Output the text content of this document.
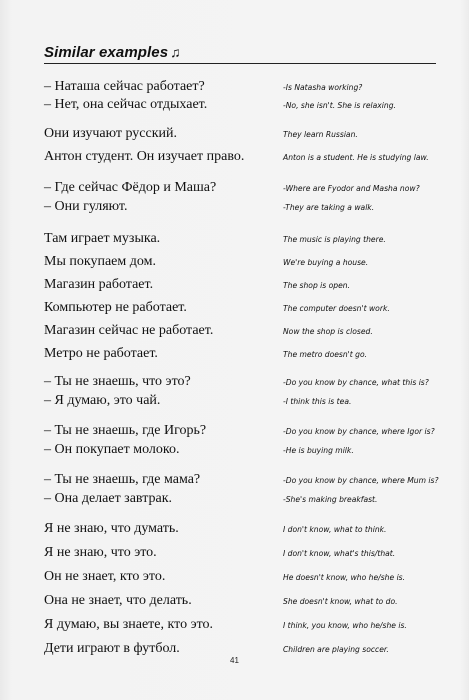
Similar examples ♫
– Наташа сейчас работает?	-Is Natasha working?
– Нет, она сейчас отдыхает.	-No, she isn't. She is relaxing.
Они изучают русский.	They learn Russian.
Антон студент. Он изучает право.	Anton is a student. He is studying law.
– Где сейчас Фёдор и Маша?	-Where are Fyodor and Masha now?
– Они гуляют.	-They are taking a walk.
Там играет музыка.	The music is playing there.
Мы покупаем дом.	We're buying a house.
Магазин работает.	The shop is open.
Компьютер не работает.	The computer doesn't work.
Магазин сейчас не работает.	Now the shop is closed.
Метро не работает.	The metro doesn't go.
– Ты не знаешь, что это?	-Do you know by chance, what this is?
– Я думаю, это чай.	-I think this is tea.
– Ты не знаешь, где Игорь?	-Do you know by chance, where Igor is?
– Он покупает молоко.	-He is buying milk.
– Ты не знаешь, где мама?	-Do you know by chance, where Mum is?
– Она делает завтрак.	-She's making breakfast.
Я не знаю, что думать.	I don't know, what to think.
Я не знаю, что это.	I don't know, what's this/that.
Он не знает, кто это.	He doesn't know, who he/she is.
Она не знает, что делать.	She doesn't know, what to do.
Я думаю, вы знаете, кто это.	I think, you know, who he/she is.
Дети играют в футбол.	Children are playing soccer.
41
